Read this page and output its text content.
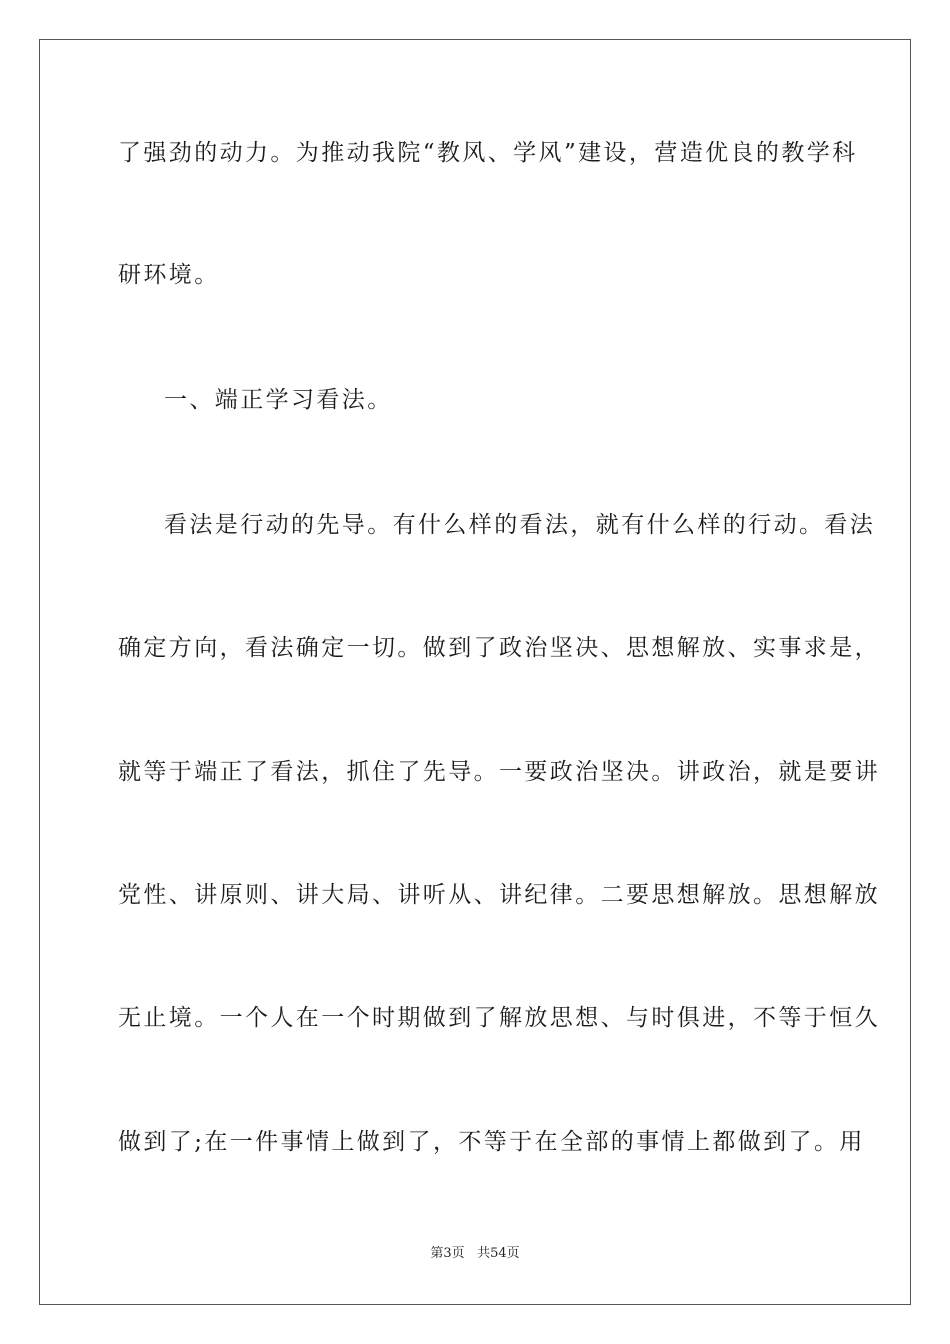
了强劲的动力。为推动我院“教风、学风”建设，营造优良的教学科

研环境。

一、端正学习看法。

看法是行动的先导。有什么样的看法，就有什么样的行动。看法

确定方向，看法确定一切。做到了政治坚决、思想解放、实事求是，

就等于端正了看法，抓住了先导。一要政治坚决。讲政治，就是要讲

党性、讲原则、讲大局、讲听从、讲纪律。二要思想解放。思想解放

无止境。一个人在一个时期做到了解放思想、与时俱进，不等于恒久

做到了;在一件事情上做到了，不等于在全部的事情上都做到了。用

第3页 共54页
